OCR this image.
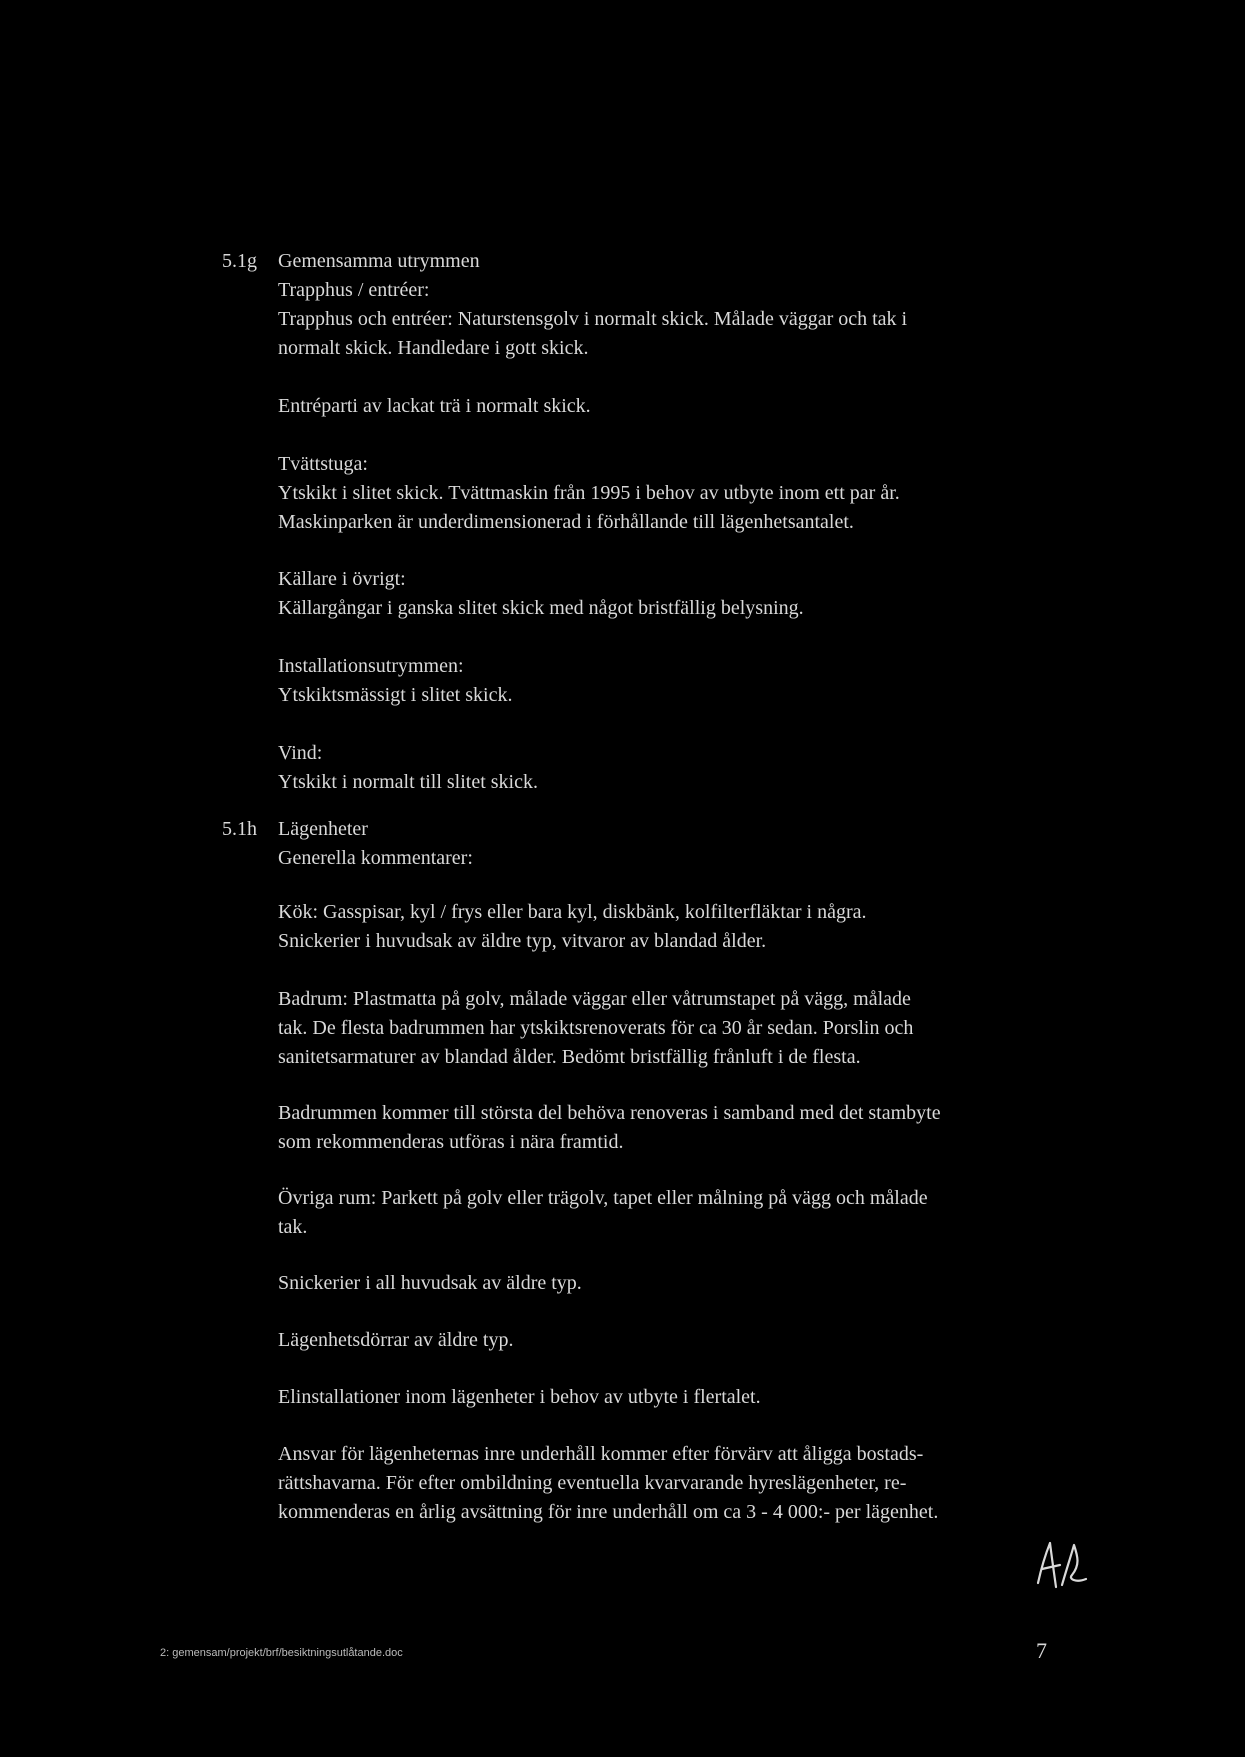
5.1g Gemensamma utrymmen
Trapphus / entréer:
Trapphus och entréer: Naturstensgolv i normalt skick. Målade väggar och tak i
normalt skick. Handledare i gott skick.
Entréparti av lackat trä i normalt skick.
Tvättstuga:
Ytskikt i slitet skick. Tvättmaskin från 1995 i behov av utbyte inom ett par år.
Maskinparken är underdimensionerad i förhållande till lägenhetsantalet.
Källare i övrigt:
Källargångar i ganska slitet skick med något bristfällig belysning.
Installationsutrymmen:
Ytskiktsmässigt i slitet skick.
Vind:
Ytskikt i normalt till slitet skick.
5.1h Lägenheter
Generella kommentarer:
Kök: Gasspisar, kyl / frys eller bara kyl, diskbänk, kolfilterfläktar i några.
Snickerier i huvudsak av äldre typ, vitvaror av blandad ålder.
Badrum: Plastmatta på golv, målade väggar eller våtrumstapet på vägg, målade
tak. De flesta badrummen har ytskiktsrenoverats för ca 30 år sedan. Porslin och
sanitetsarmaturer av blandad ålder. Bedömt bristfällig frånluft i de flesta.
Badrummen kommer till största del behöva renoveras i samband med det stambyte
som rekommenderas utföras i nära framtid.
Övriga rum: Parkett på golv eller trägolv, tapet eller målning på vägg och målade
tak.
Snickerier i all huvudsak av äldre typ.
Lägenhetsdörrar av äldre typ.
Elinstallationer inom lägenheter i behov av utbyte i flertalet.
Ansvar för lägenheternas inre underhåll kommer efter förvärv att åligga bostads-
rättshavarna. För efter ombildning eventuella kvarvarande hyreslägenheter, re-
kommenderas en årlig avsättning för inre underhåll om ca 3 - 4 000:- per lägenhet.
2: gemensam/projekt/brf/besiktningsutlåtande.doc	7
